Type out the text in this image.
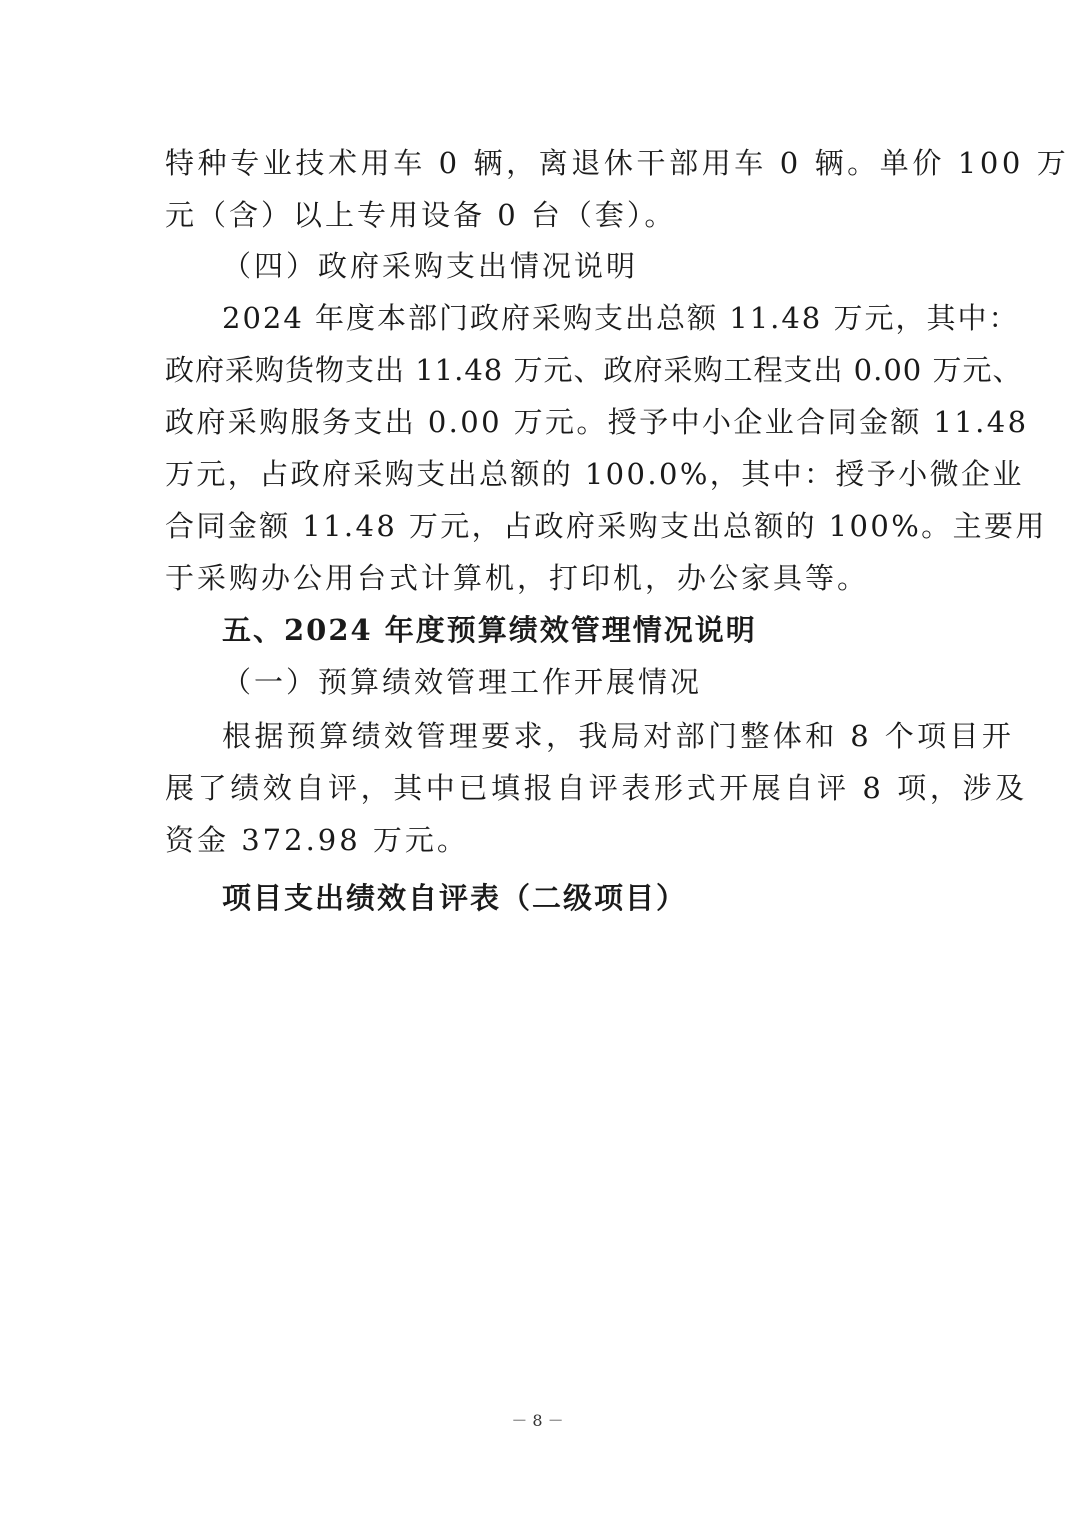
特种专业技术用车 0 辆，离退休干部用车 0 辆。单价 100 万
元（含）以上专用设备 0 台（套）。
（四）政府采购支出情况说明
2024 年度本部门政府采购支出总额 11.48 万元，其中：
政府采购货物支出 11.48 万元、政府采购工程支出 0.00 万元、
政府采购服务支出 0.00 万元。授予中小企业合同金额 11.48
万元，占政府采购支出总额的 100.0%，其中：授予小微企业
合同金额 11.48 万元，占政府采购支出总额的 100%。主要用
于采购办公用台式计算机，打印机，办公家具等。
五、2024 年度预算绩效管理情况说明
（一）预算绩效管理工作开展情况
根据预算绩效管理要求，我局对部门整体和 8 个项目开
展了绩效自评，其中已填报自评表形式开展自评 8 项，涉及
资金 372.98 万元。
项目支出绩效自评表（二级项目）
－ 8 －
